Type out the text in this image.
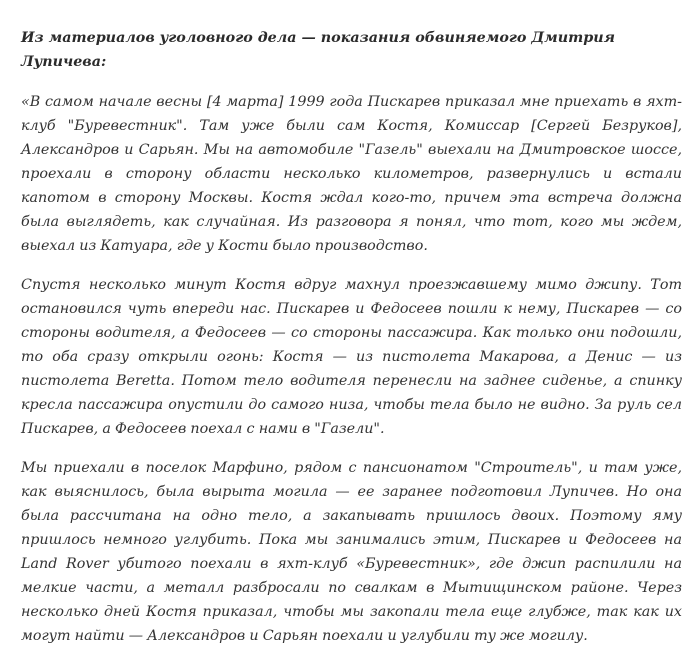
Из материалов уголовного дела — показания обвиняемого Дмитрия Лупичева:

«В самом начале весны [4 марта] 1999 года Пискарев приказал мне приехать в яхт-клуб "Буревестник". Там уже были сам Костя, Комиссар [Сергей Безруков], Александров и Сарьян. Мы на автомобиле "Газель" выехали на Дмитровское шоссе, проехали в сторону области несколько километров, развернулись и встали капотом в сторону Москвы. Костя ждал кого-то, причем эта встреча должна была выглядеть, как случайная. Из разговора я понял, что тот, кого мы ждем, выехал из Катуара, где у Кости было производство.

Спустя несколько минут Костя вдруг махнул проезжавшему мимо джипу. Тот остановился чуть впереди нас. Пискарев и Федосеев пошли к нему, Пискарев — со стороны водителя, а Федосеев — со стороны пассажира. Как только они подошли, то оба сразу открыли огонь: Костя — из пистолета Макарова, а Денис — из пистолета Beretta. Потом тело водителя перенесли на заднее сиденье, а спинку кресла пассажира опустили до самого низа, чтобы тела было не видно. За руль сел Пискарев, а Федосеев поехал с нами в "Газели".

Мы приехали в поселок Марфино, рядом с пансионатом "Строитель", и там уже, как выяснилось, была вырыта могила — ее заранее подготовил Лупичев. Но она была рассчитана на одно тело, а закапывать пришлось двоих. Поэтому яму пришлось немного углубить. Пока мы занимались этим, Пискарев и Федосеев на Land Rover убитого поехали в яхт-клуб «Буревестник», где джип распилили на мелкие части, а металл разбросали по свалкам в Мытищинском районе. Через несколько дней Костя приказал, чтобы мы закопали тела еще глубже, так как их могут найти — Александров и Сарьян поехали и углубили ту же могилу.
